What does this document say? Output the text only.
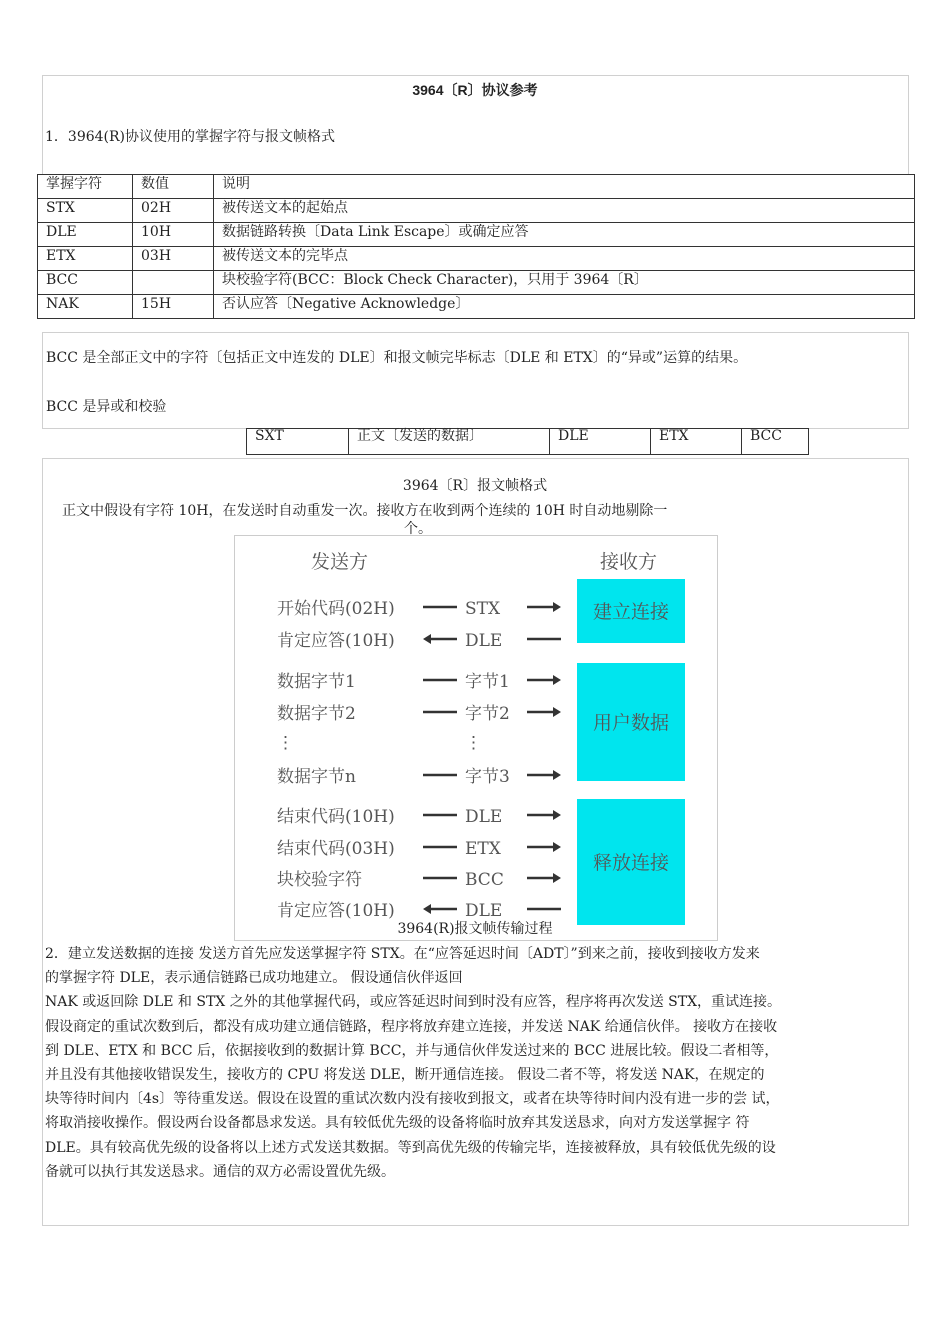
3964〔R〕协议参考
1．3964(R)协议使用的掌握字符与报文帧格式
掌握字符	数值	说明
STX	02H	被传送文本的起始点
DLE	10H	数据链路转换〔Data Link Escape〕或确定应答
ETX	03H	被传送文本的完毕点
BCC		块校验字符(BCC：Block Check Character)，只用于 3964〔R〕
NAK	15H	否认应答〔Negative Acknowledge〕
BCC 是全部正文中的字符〔包括正文中连发的 DLE〕和报文帧完毕标志〔DLE 和 ETX〕的“异或”运算的结果。
BCC 是异或和校验
SXT	正文〔发送的数据〕	DLE	ETX	BCC
3964〔R〕报文帧格式
正文中假设有字符 10H，在发送时自动重发一次。接收方在收到两个连续的 10H 时自动地剔除一
个。
发送方	接收方
开始代码(02H)	STX
肯定应答(10H)	DLE
数据字节1	字节1
数据字节2	字节2
⋮	⋮
数据字节n	字节3
结束代码(10H)	DLE
结束代码(03H)	ETX
块校验字符	BCC
肯定应答(10H)	DLE
建立连接
用户数据
释放连接
3964(R)报文帧传输过程
2．建立发送数据的连接 发送方首先应发送掌握字符 STX。在“应答延迟时间〔ADT〕”到来之前，接收到接收方发来
的掌握字符 DLE，表示通信链路已成功地建立。 假设通信伙伴返回
NAK 或返回除 DLE 和 STX 之外的其他掌握代码，或应答延迟时间到时没有应答，程序将再次发送 STX，重试连接。
假设商定的重试次数到后，都没有成功建立通信链路，程序将放弃建立连接，并发送 NAK 给通信伙伴。 接收方在接收
到 DLE、ETX 和 BCC 后，依据接收到的数据计算 BCC，并与通信伙伴发送过来的 BCC 进展比较。假设二者相等，
并且没有其他接收错误发生，接收方的 CPU 将发送 DLE，断开通信连接。 假设二者不等，将发送 NAK，在规定的
块等待时间内〔4s〕等待重发送。假设在设置的重试次数内没有接收到报文，或者在块等待时间内没有进一步的尝 试，
将取消接收操作。假设两台设备都恳求发送。具有较低优先级的设备将临时放弃其发送恳求，向对方发送掌握字 符
DLE。具有较高优先级的设备将以上述方式发送其数据。等到高优先级的传输完毕，连接被释放，具有较低优先级的设
备就可以执行其发送恳求。通信的双方必需设置优先级。
